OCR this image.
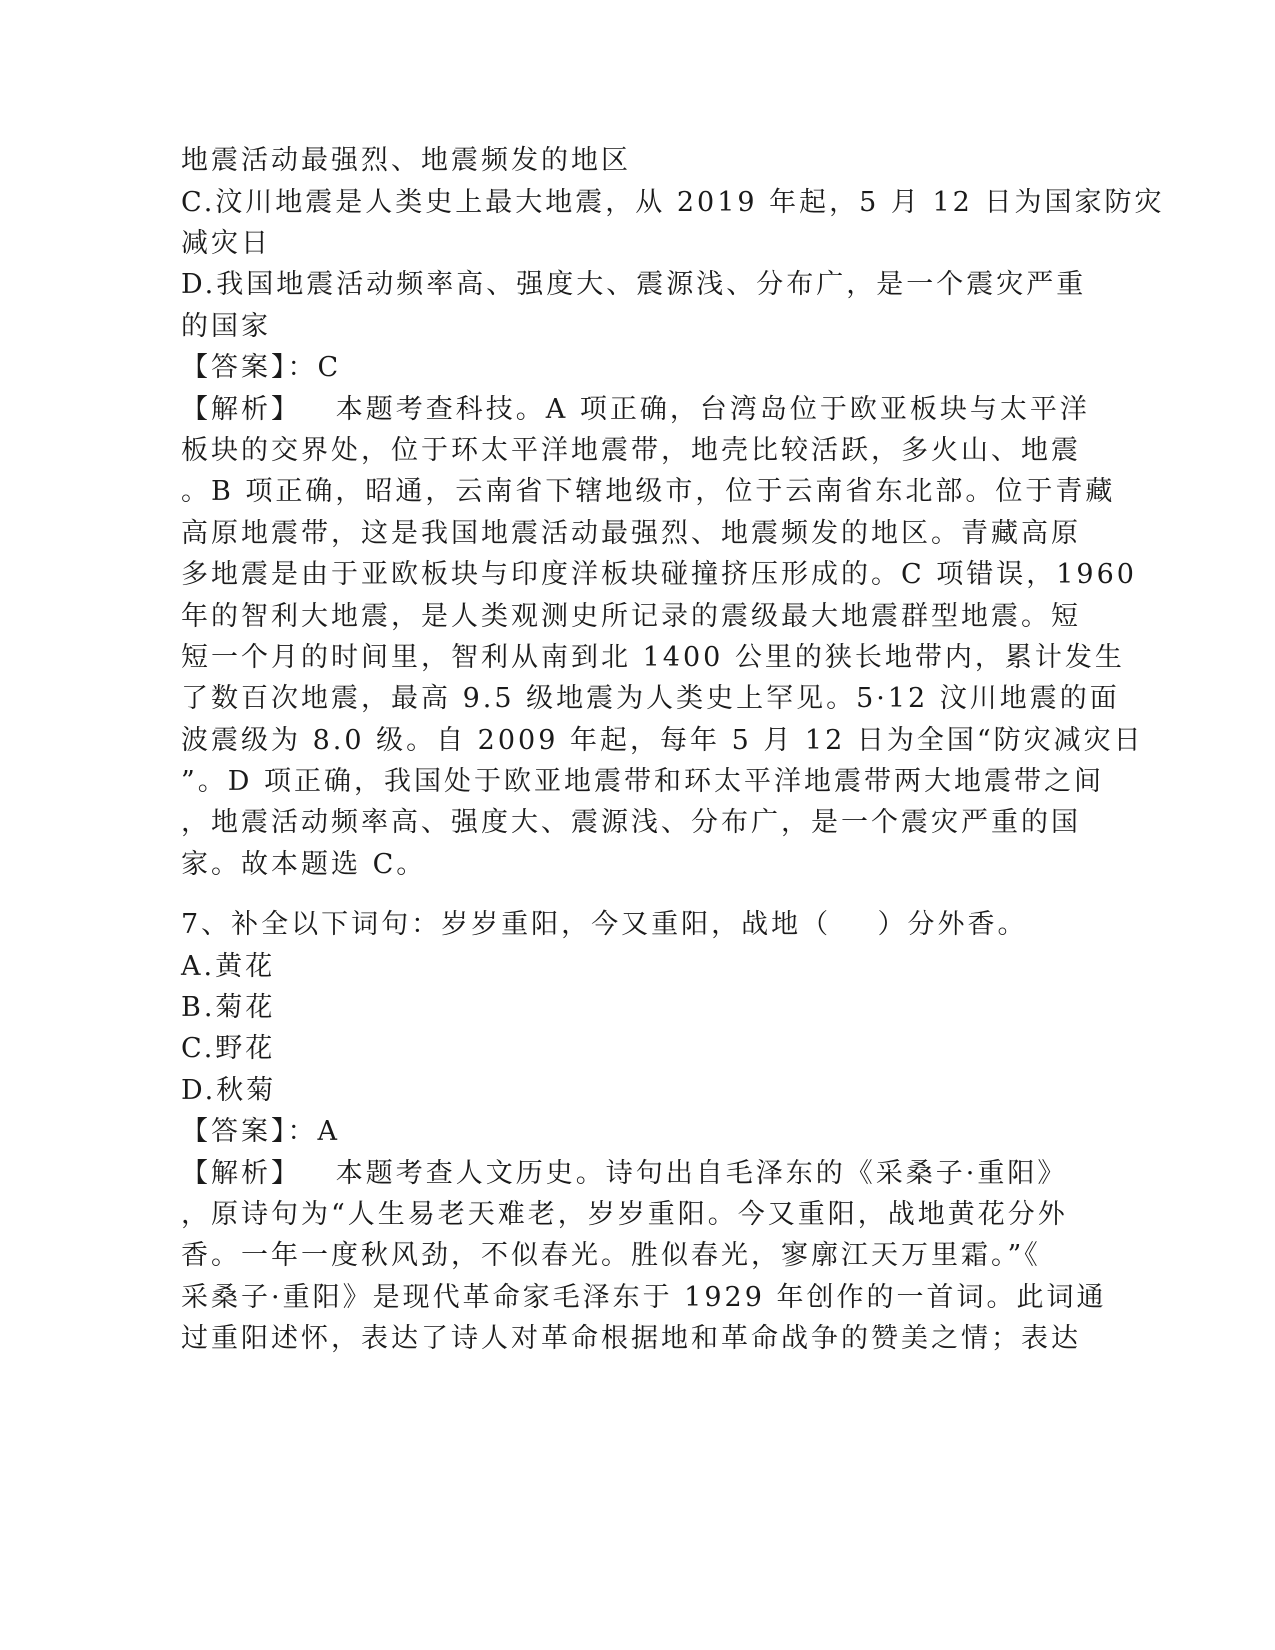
地震活动最强烈、地震频发的地区
C.汶川地震是人类史上最大地震，从 2019 年起，5 月 12 日为国家防灾
减灾日
D.我国地震活动频率高、强度大、震源浅、分布广，是一个震灾严重
的国家
【答案】：C
【解析】   本题考查科技。A 项正确，台湾岛位于欧亚板块与太平洋
板块的交界处，位于环太平洋地震带，地壳比较活跃，多火山、地震
。B 项正确，昭通，云南省下辖地级市，位于云南省东北部。位于青藏
高原地震带，这是我国地震活动最强烈、地震频发的地区。青藏高原
多地震是由于亚欧板块与印度洋板块碰撞挤压形成的。C 项错误，1960
年的智利大地震，是人类观测史所记录的震级最大地震群型地震。短
短一个月的时间里，智利从南到北 1400 公里的狭长地带内，累计发生
了数百次地震，最高 9.5 级地震为人类史上罕见。5·12 汶川地震的面
波震级为 8.0 级。自 2009 年起，每年 5 月 12 日为全国“防灾减灾日
”。D 项正确，我国处于欧亚地震带和环太平洋地震带两大地震带之间
，地震活动频率高、强度大、震源浅、分布广，是一个震灾严重的国
家。故本题选 C。
7、补全以下词句：岁岁重阳，今又重阳，战地（    ）分外香。
A.黄花
B.菊花
C.野花
D.秋菊
【答案】：A
【解析】   本题考查人文历史。诗句出自毛泽东的《采桑子·重阳》
，原诗句为“人生易老天难老，岁岁重阳。今又重阳，战地黄花分外
香。一年一度秋风劲，不似春光。胜似春光，寥廓江天万里霜。”《
采桑子·重阳》是现代革命家毛泽东于 1929 年创作的一首词。此词通
过重阳述怀，表达了诗人对革命根据地和革命战争的赞美之情；表达
